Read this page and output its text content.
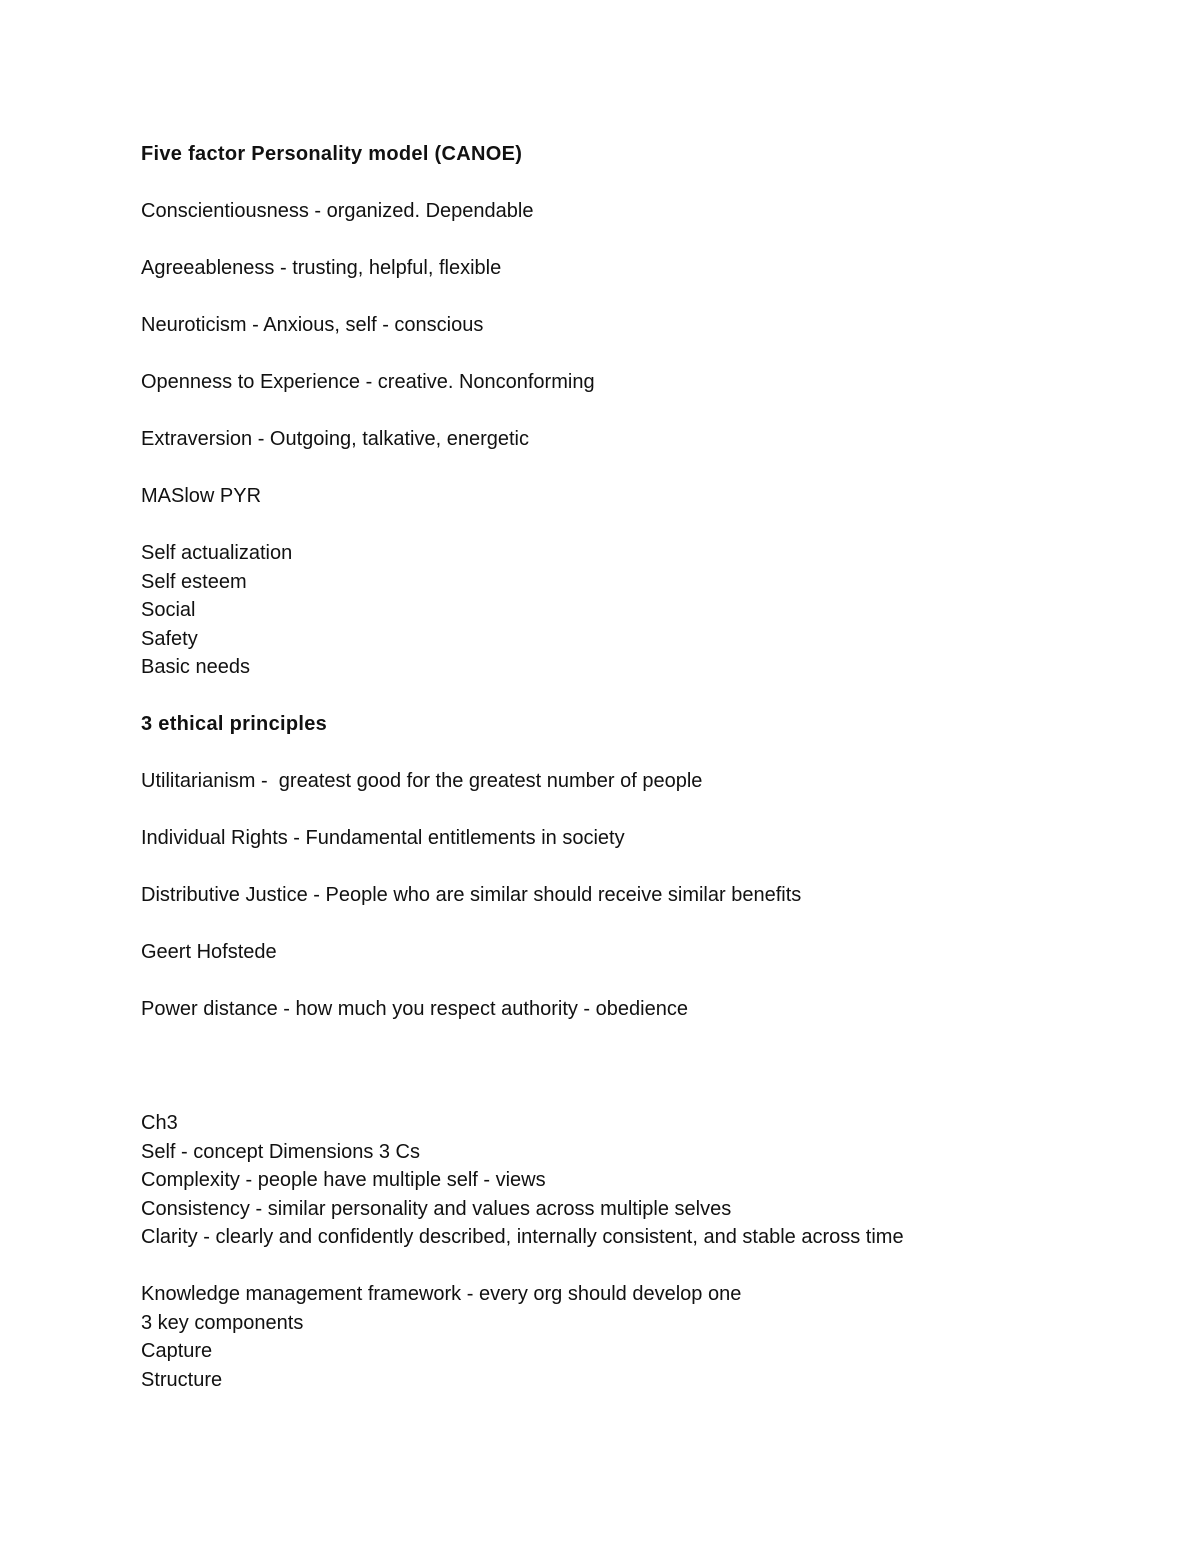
Five factor Personality model (CANOE)
Conscientiousness - organized. Dependable
Agreeableness - trusting, helpful, flexible
Neuroticism - Anxious, self - conscious
Openness to Experience - creative. Nonconforming
Extraversion - Outgoing, talkative, energetic
MASlow PYR
Self actualization
Self esteem
Social
Safety
Basic needs
3 ethical principles
Utilitarianism -  greatest good for the greatest number of people
Individual Rights - Fundamental entitlements in society
Distributive Justice - People who are similar should receive similar benefits
Geert Hofstede
Power distance - how much you respect authority - obedience
Ch3
Self - concept Dimensions 3 Cs
Complexity - people have multiple self - views
Consistency - similar personality and values across multiple selves
Clarity - clearly and confidently described, internally consistent, and stable across time
Knowledge management framework - every org should develop one
3 key components
Capture
Structure
